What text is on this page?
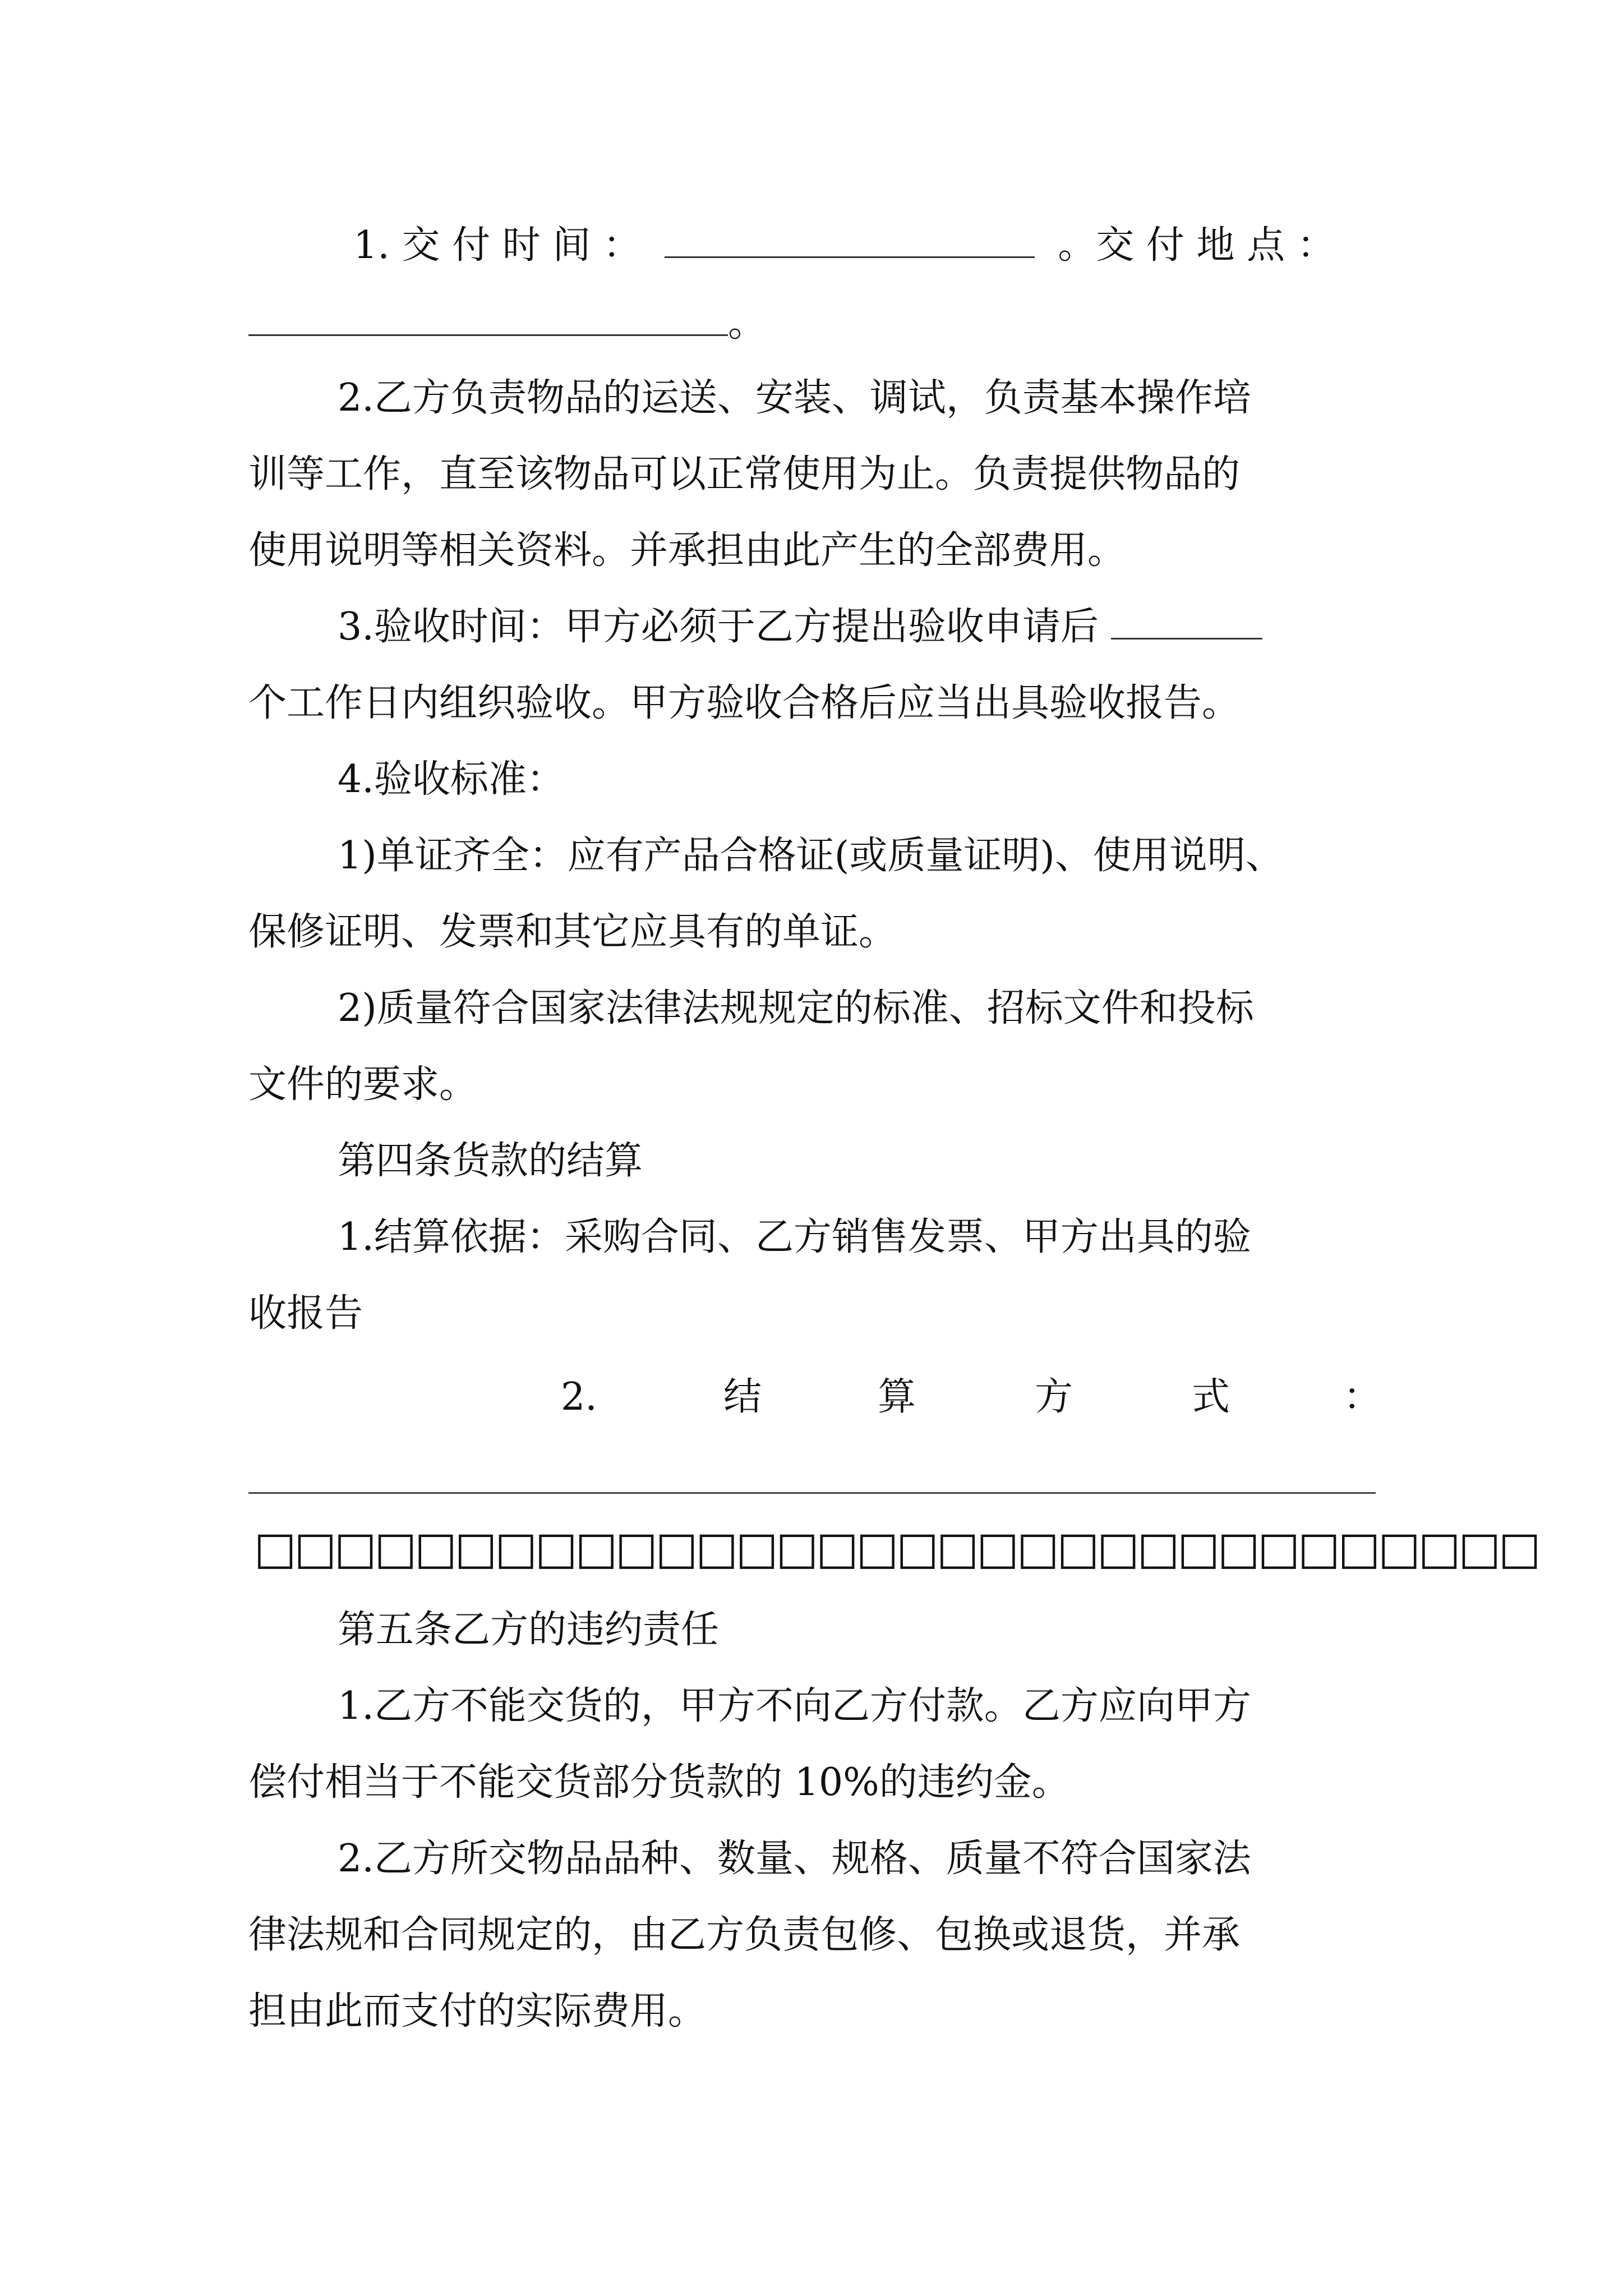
1. 交 付 时 间 ：	。交 付 地 点 ：
。
2.乙方负责物品的运送、安装、调试，负责基本操作培
训等工作，直至该物品可以正常使用为止。负责提供物品的
使用说明等相关资料。并承担由此产生的全部费用。
3.验收时间：甲方必须于乙方提出验收申请后
个工作日内组织验收。甲方验收合格后应当出具验收报告。
4.验收标准：
1)单证齐全：应有产品合格证(或质量证明)、使用说明、
保修证明、发票和其它应具有的单证。
2)质量符合国家法律法规规定的标准、招标文件和投标
文件的要求。
第四条货款的结算
1.结算依据：采购合同、乙方销售发票、甲方出具的验
收报告
2.	结	算	方	式	：
□□□□□□□□□□□□□□□□□□□□□□□□□□□□□□□□
第五条乙方的违约责任
1.乙方不能交货的，甲方不向乙方付款。乙方应向甲方
偿付相当于不能交货部分货款的 10%的违约金。
2.乙方所交物品品种、数量、规格、质量不符合国家法
律法规和合同规定的，由乙方负责包修、包换或退货，并承
担由此而支付的实际费用。
